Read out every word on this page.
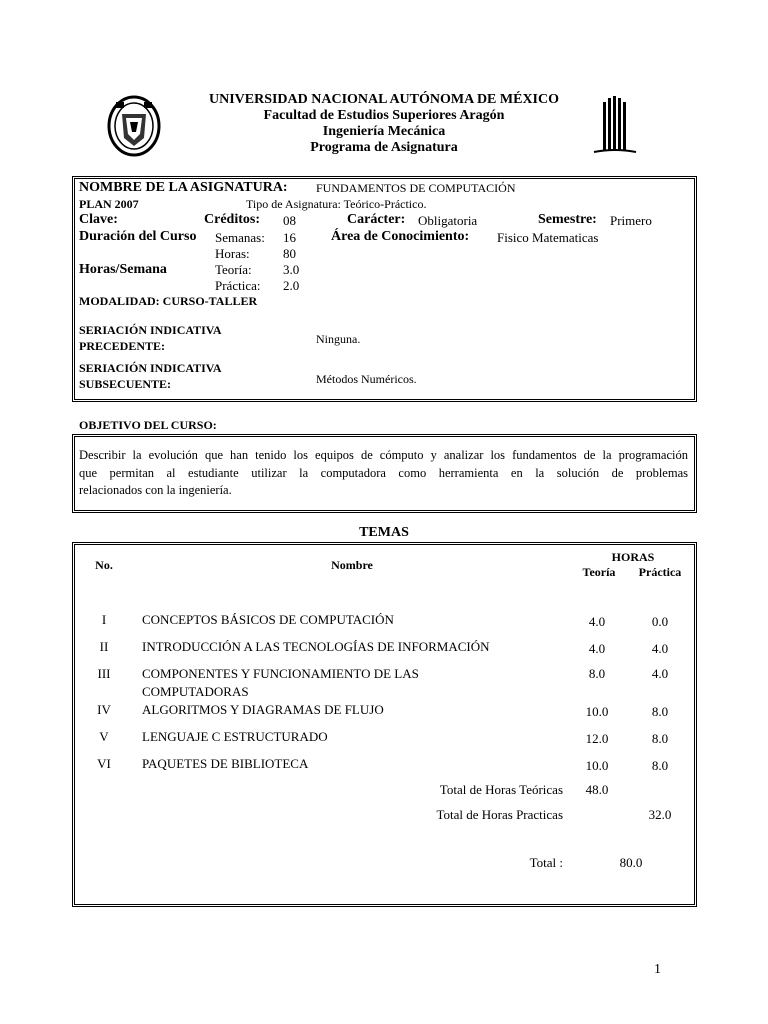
UNIVERSIDAD NACIONAL AUTÓNOMA DE MÉXICO
Facultad de Estudios Superiores Aragón
Ingeniería Mecánica
Programa de Asignatura
NOMBRE DE LA ASIGNATURA: FUNDAMENTOS DE COMPUTACIÓN
PLAN 2007	Tipo de Asignatura: Teórico-Práctico.
Clave:	Créditos: 08	Carácter: Obligatoria	Semestre: Primero
Duración del Curso Semanas: 16	Área de Conocimiento: Fisico Matematicas
Horas:	80
Horas/Semana	Teoría: 3.0
Práctica: 2.0
MODALIDAD: CURSO-TALLER
SERIACIÓN INDICATIVA
PRECEDENTE:	Ninguna.
SERIACIÓN INDICATIVA
SUBSECUENTE:	Métodos Numéricos.
OBJETIVO DEL CURSO:
Describir la evolución que han tenido los equipos de cómputo y analizar los fundamentos de la programación
que permitan al estudiante utilizar la computadora como herramienta en la solución de problemas
relacionados con la ingeniería.
TEMAS
No.	Nombre
HORAS
Teoría	Práctica
I	CONCEPTOS BÁSICOS DE COMPUTACIÓN	4.0	0.0
II	INTRODUCCIÓN A LAS TECNOLOGÍAS DE INFORMACIÓN	4.0	4.0
III	COMPONENTES Y FUNCIONAMIENTO DE LAS
COMPUTADORAS
8.0	4.0
IV	ALGORITMOS Y DIAGRAMAS DE FLUJO	10.0	8.0
V	LENGUAJE C ESTRUCTURADO	12.0	8.0
VI	PAQUETES DE BIBLIOTECA	10.0	8.0
Total de Horas Teóricas	48.0
Total de Horas Practicas	32.0
Total :	80.0
1
